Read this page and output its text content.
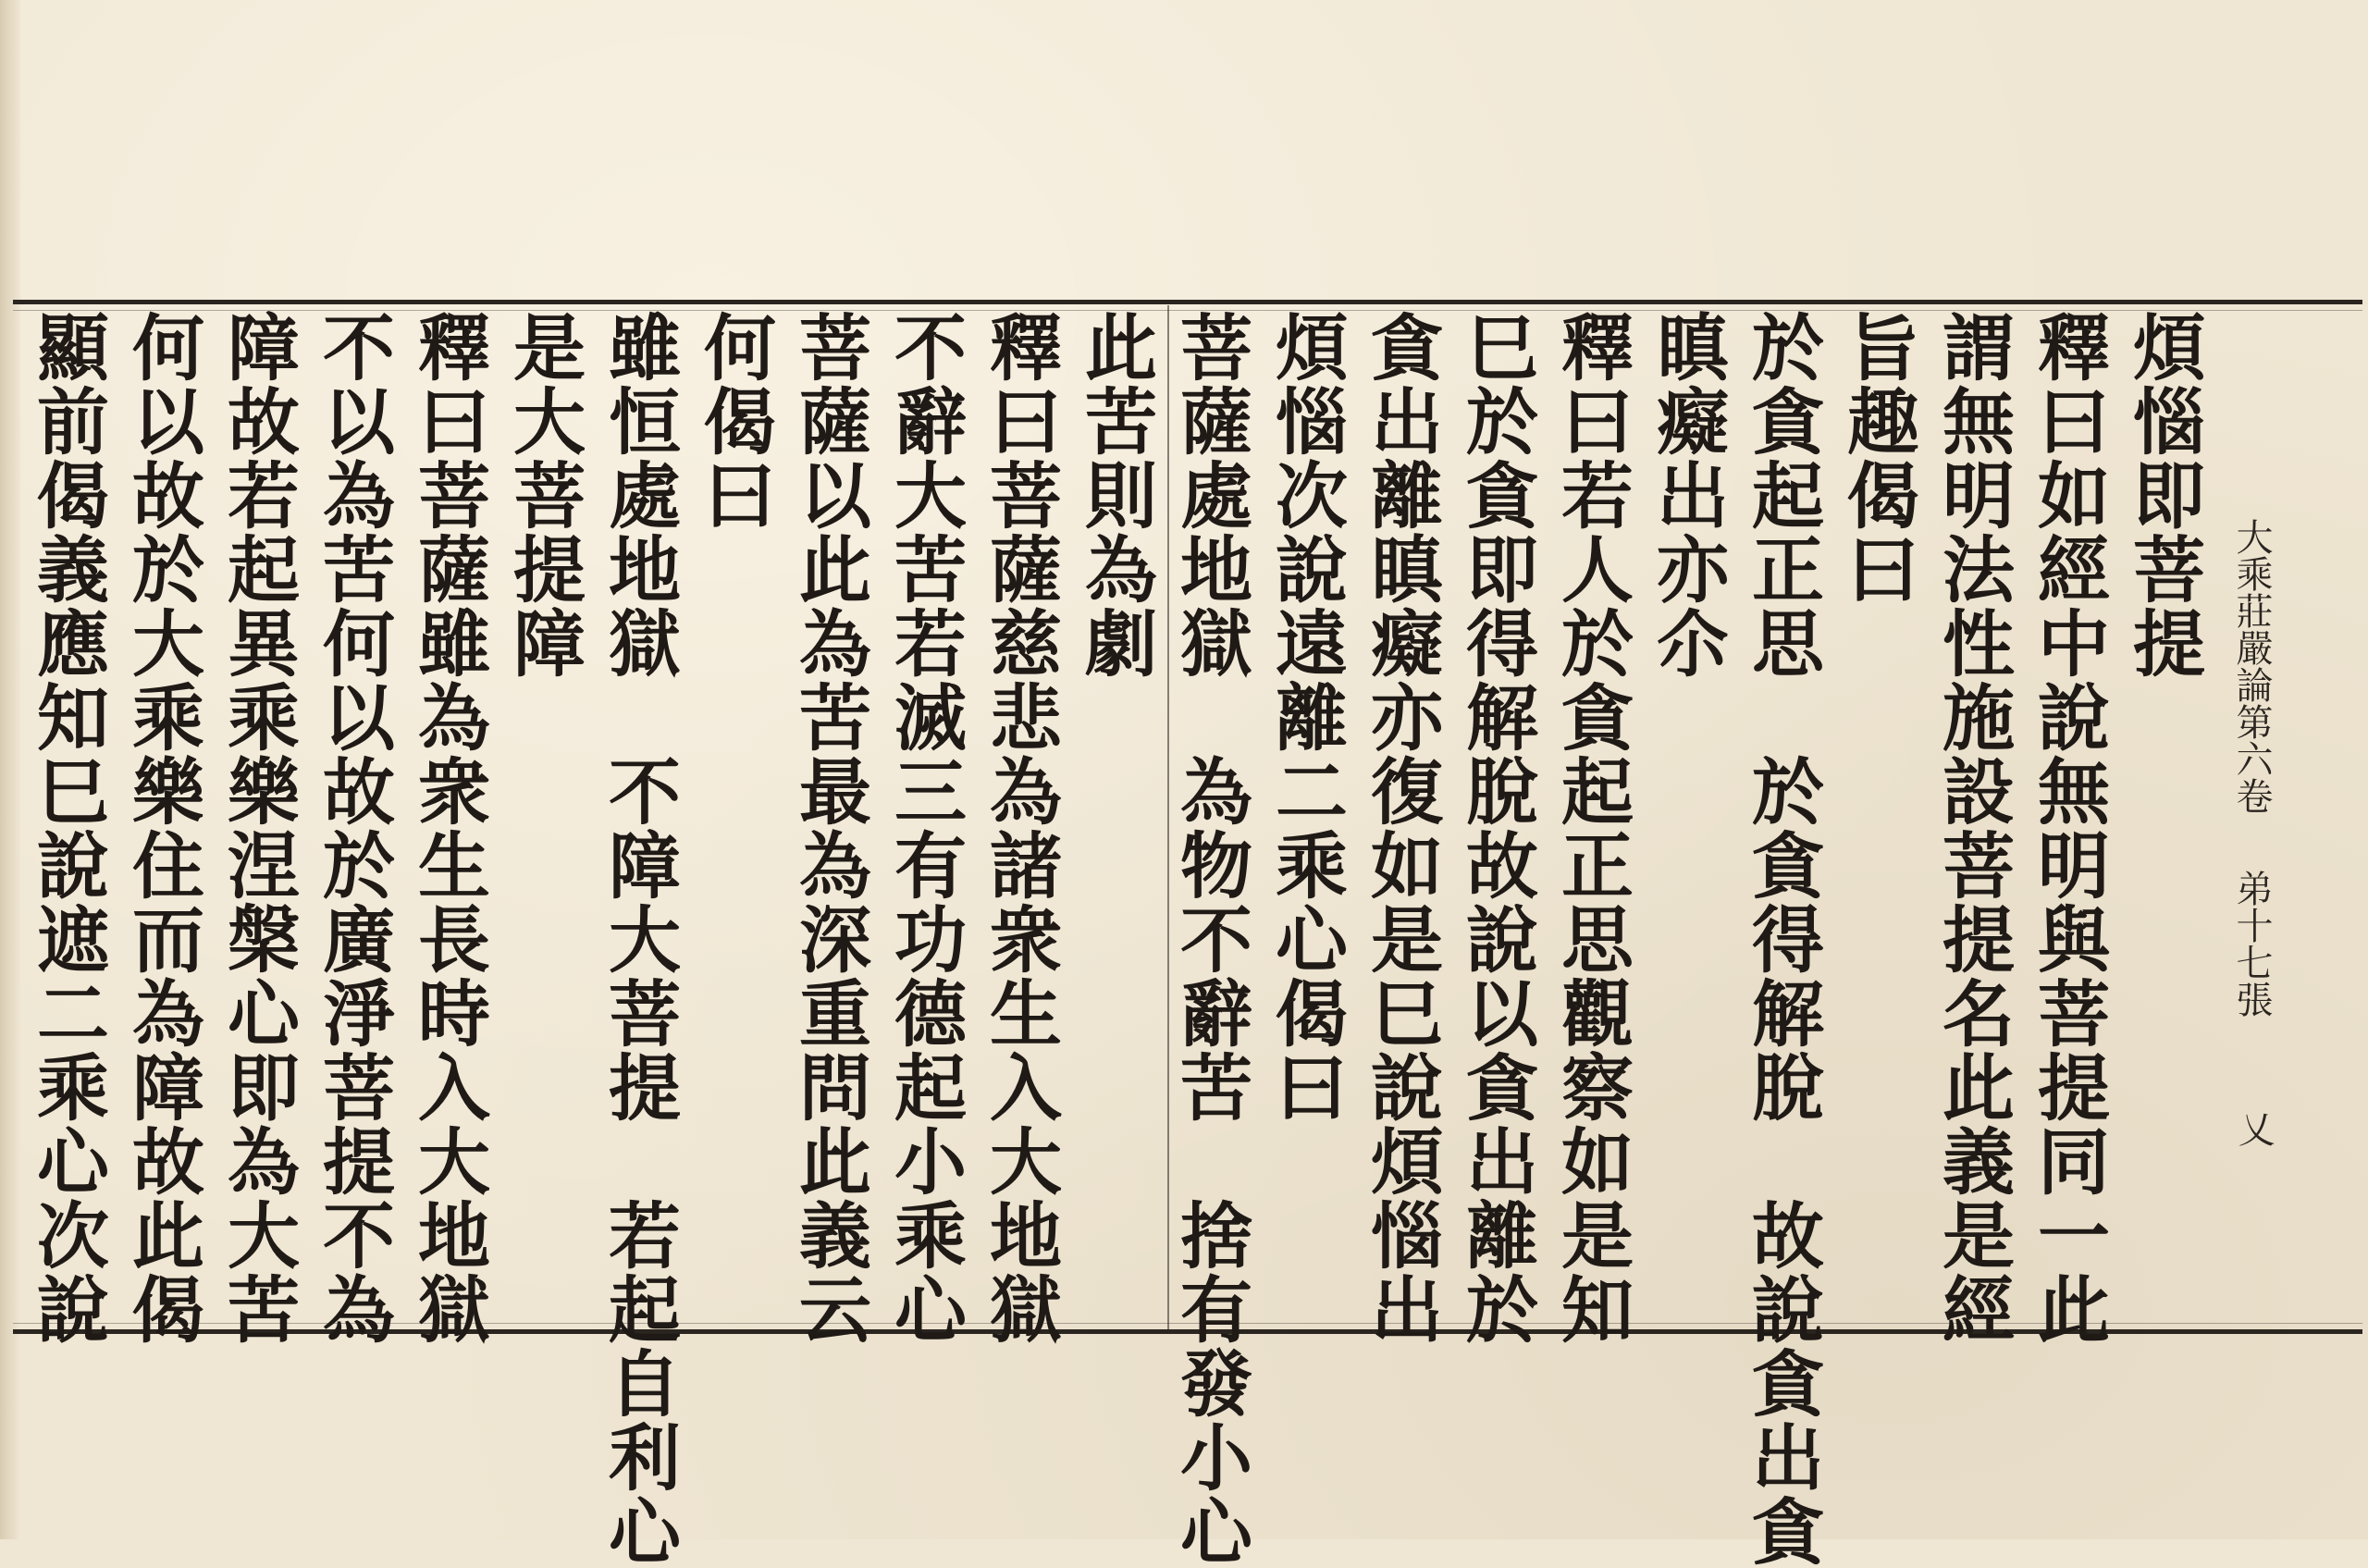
大乘莊嚴論第六卷
弟十七張
乂
煩惱即菩提
釋曰如經中說無明與菩提同一此
謂無明法性施設菩提名此義是經
旨趣偈曰
於貪起正思　於貪得解脫　故說貪出貪
瞋癡出亦尒
釋曰若人於貪起正思觀察如是知
巳於貪即得解脫故說以貪出離於
貪出離瞋癡亦復如是巳說煩惱出
煩惱次說遠離二乘心偈曰
菩薩處地獄　為物不辭苦　捨有發小心
此苦則為劇
釋曰菩薩慈悲為諸衆生入大地獄
不辭大苦若滅三有功德起小乘心
菩薩以此為苦最為深重問此義云
何偈曰
雖恒處地獄　不障大菩提　若起自利心
是大菩提障
釋曰菩薩雖為衆生長時入大地獄
不以為苦何以故於廣淨菩提不為
障故若起異乘樂涅槃心即為大苦
何以故於大乘樂住而為障故此偈
顯前偈義應知巳說遮二乘心次說
